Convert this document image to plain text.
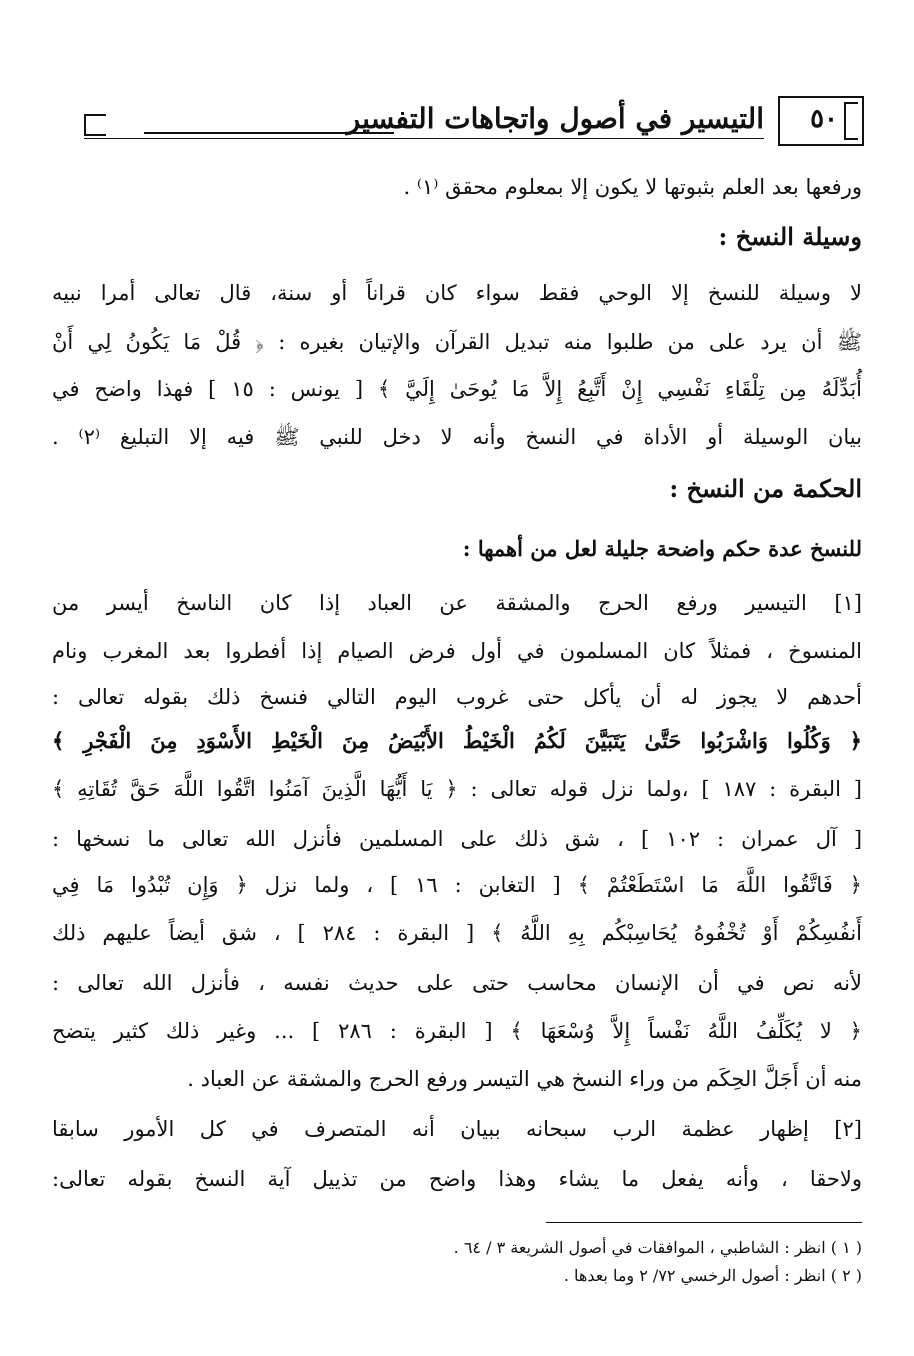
٥٠
التيسير في أصول واتجاهات التفسير
ورفعها بعد العلم بثبوتها لا يكون إلا بمعلوم محقق ⁽١⁾ .
وسيلة النسخ :
لا وسيلة للنسخ إلا الوحي فقط سواء كان قراناً أو سنة، قال تعالى أمرا نبيه
ﷺ أن يرد على من طلبوا منه تبديل القرآن والإتيان بغيره : ﴿ قُلْ مَا يَكُونُ لِي أَنْ
أُبَدِّلَهُ مِن تِلْقَاءِ نَفْسِي إِنْ أَتَّبِعُ إِلاَّ مَا يُوحَىٰ إِلَيَّ ﴾ [ يونس : ١٥ ] فهذا واضح في
بيان الوسيلة أو الأداة في النسخ وأنه لا دخل للنبي ﷺ فيه إلا التبليغ ⁽٢⁾ .
الحكمة من النسخ :
للنسخ عدة حكم واضحة جليلة لعل من أهمها :
[١] التيسير ورفع الحرج والمشقة عن العباد إذا كان الناسخ أيسر من
المنسوخ ، فمثلاً كان المسلمون في أول فرض الصيام إذا أفطروا بعد المغرب ونام
أحدهم لا يجوز له أن يأكل حتى غروب اليوم التالي فنسخ ذلك بقوله تعالى :
﴿ وَكُلُوا وَاشْرَبُوا حَتَّىٰ يَتَبَيَّنَ لَكُمُ الْخَيْطُ الأَبْيَضُ مِنَ الْخَيْطِ الأَسْوَدِ مِنَ الْفَجْرِ ﴾
[ البقرة : ١٨٧ ] ،ولما نزل قوله تعالى : ﴿ يَا أَيُّهَا الَّذِينَ آمَنُوا اتَّقُوا اللَّهَ حَقَّ تُقَاتِهِ ﴾
[ آل عمران : ١٠٢ ] ، شق ذلك على المسلمين فأنزل الله تعالى ما نسخها :
﴿ فَاتَّقُوا اللَّهَ مَا اسْتَطَعْتُمْ ﴾ [ التغابن : ١٦ ] ، ولما نزل ﴿ وَإِن تُبْدُوا مَا فِي
أَنفُسِكُمْ أَوْ تُخْفُوهُ يُحَاسِبْكُم بِهِ اللَّهُ ﴾ [ البقرة : ٢٨٤ ] ، شق أيضاً عليهم ذلك
لأنه نص في أن الإنسان محاسب حتى على حديث نفسه ، فأنزل الله تعالى :
﴿ لا يُكَلِّفُ اللَّهُ نَفْساً إِلاَّ وُسْعَهَا ﴾ [ البقرة : ٢٨٦ ] ... وغير ذلك كثير يتضح
منه أن أَجَلَّ الحِكَم من وراء النسخ هي التيسر ورفع الحرج والمشقة عن العباد .
[٢] إظهار عظمة الرب سبحانه ببيان أنه المتصرف في كل الأمور سابقا
ولاحقا ، وأنه يفعل ما يشاء وهذا واضح من تذييل آية النسخ بقوله تعالى:
( ١ ) انظر : الشاطبي ، الموافقات في أصول الشريعة ٣ / ٦٤ .
( ٢ ) انظر : أصول الرخسي ٧٢/ ٢ وما بعدها .
